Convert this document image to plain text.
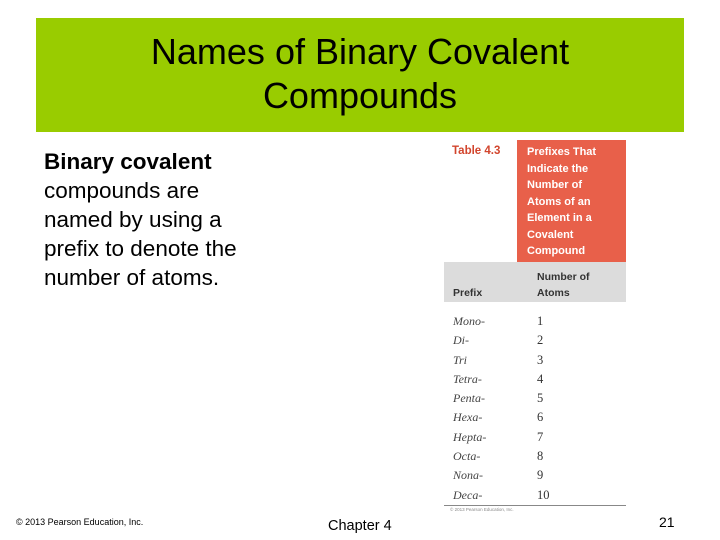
Names of Binary Covalent
Compounds
Binary covalent
compounds are
named by using a
prefix to denote the
number of atoms.
Table 4.3 Prefixes That
Indicate the
Number of
Atoms of an
Element in a
Covalent
Compound
Prefix
Number of
Atoms
Mono-	1
Di-	2
Tri	3
Tetra-	4
Penta-	5
Hexa-	6
Hepta-	7
Octa-	8
Nona-	9
Deca-	10
© 2013 Pearson Education, Inc.
© 2013 Pearson Education, Inc.	Chapter 4	21
